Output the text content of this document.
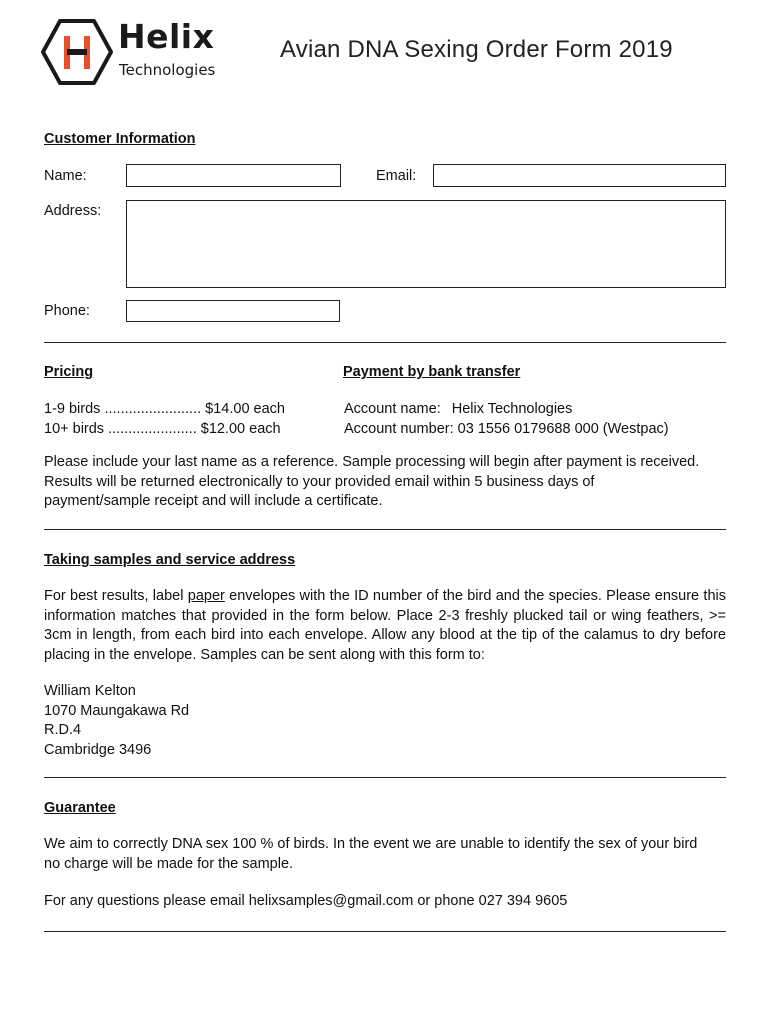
Helix
Technologies
Avian DNA Sexing Order Form 2019
Customer Information
Name:	Email:
Address:
Phone:
Pricing
1-9 birds ........................ $14.00 each
10+ birds ...................... $12.00 each
Payment by bank transfer
Account name: Helix Technologies
Account number: 03 1556 0179688 000 (Westpac)
Please include your last name as a reference. Sample processing will begin after payment is received. Results will be returned electronically to your provided email within 5 business days of payment/sample receipt and will include a certificate.
Taking samples and service address
For best results, label paper envelopes with the ID number of the bird and the species. Please ensure this information matches that provided in the form below. Place 2-3 freshly plucked tail or wing feathers, >= 3cm in length, from each bird into each envelope. Allow any blood at the tip of the calamus to dry before placing in the envelope. Samples can be sent along with this form to:
William Kelton
1070 Maungakawa Rd
R.D.4
Cambridge 3496
Guarantee
We aim to correctly DNA sex 100 % of birds. In the event we are unable to identify the sex of your bird no charge will be made for the sample.
For any questions please email helixsamples@gmail.com or phone 027 394 9605
